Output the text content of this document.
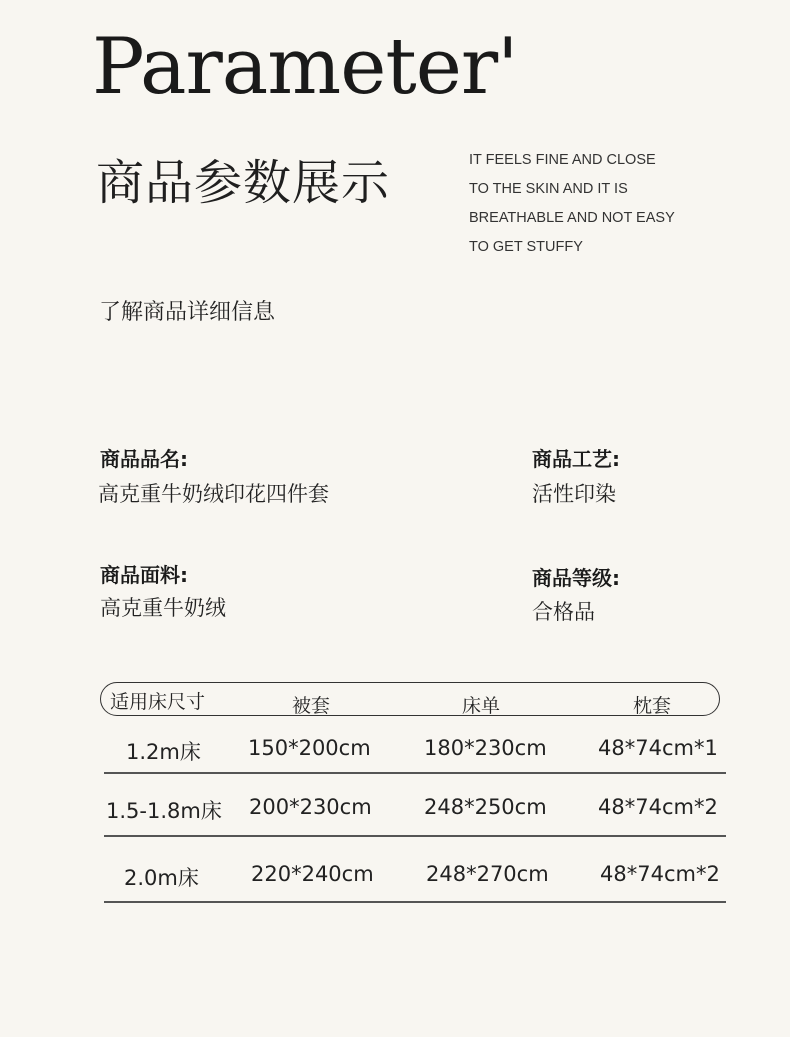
Parameter'
商品参数展示	IT FEELS FINE AND CLOSE
TO THE SKIN AND IT IS
BREATHABLE AND NOT EASY
TO GET STUFFY
了解商品详细信息
商品品名:
高克重牛奶绒印花四件套
商品工艺:
活性印染
商品面料:
高克重牛奶绒
商品等级:
合格品
适用床尺寸	被套	床单	枕套
1.2m床 150*200cm	180*230cm 48*74cm*1
1.5-1.8m床 200*230cm 248*250cm 48*74cm*2
2.0m床 220*240cm 248*270cm 48*74cm*2
